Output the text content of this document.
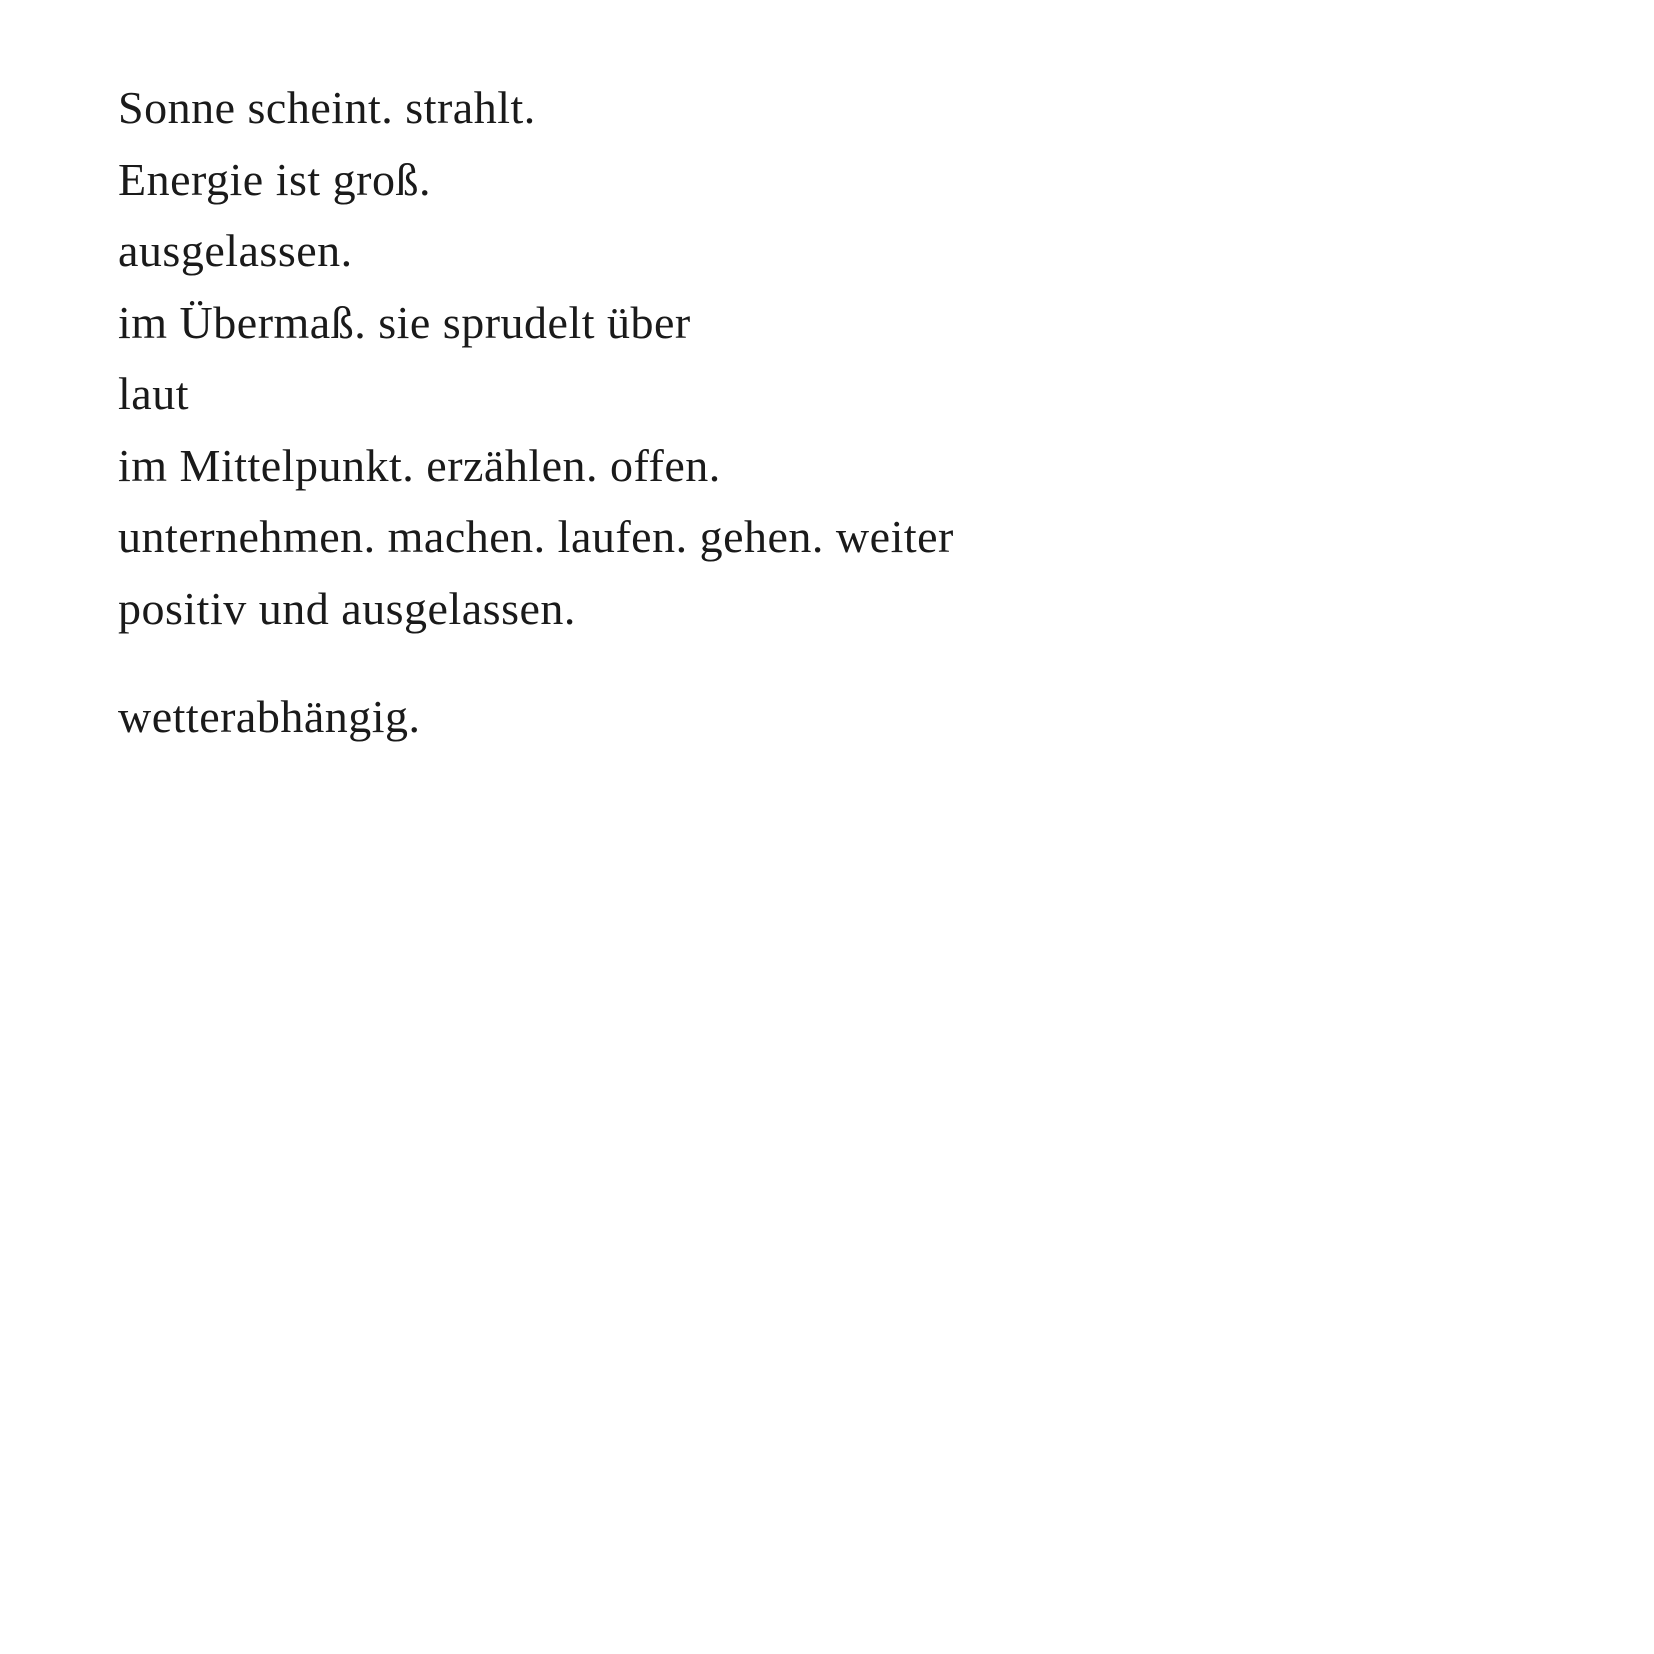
Sonne scheint. strahlt.
Energie ist groß.
ausgelassen.
im Übermaß. sie sprudelt über
laut
im Mittelpunkt. erzählen. offen.
unternehmen. machen. laufen. gehen. weiter
positiv und ausgelassen.
wetterabhängig.
